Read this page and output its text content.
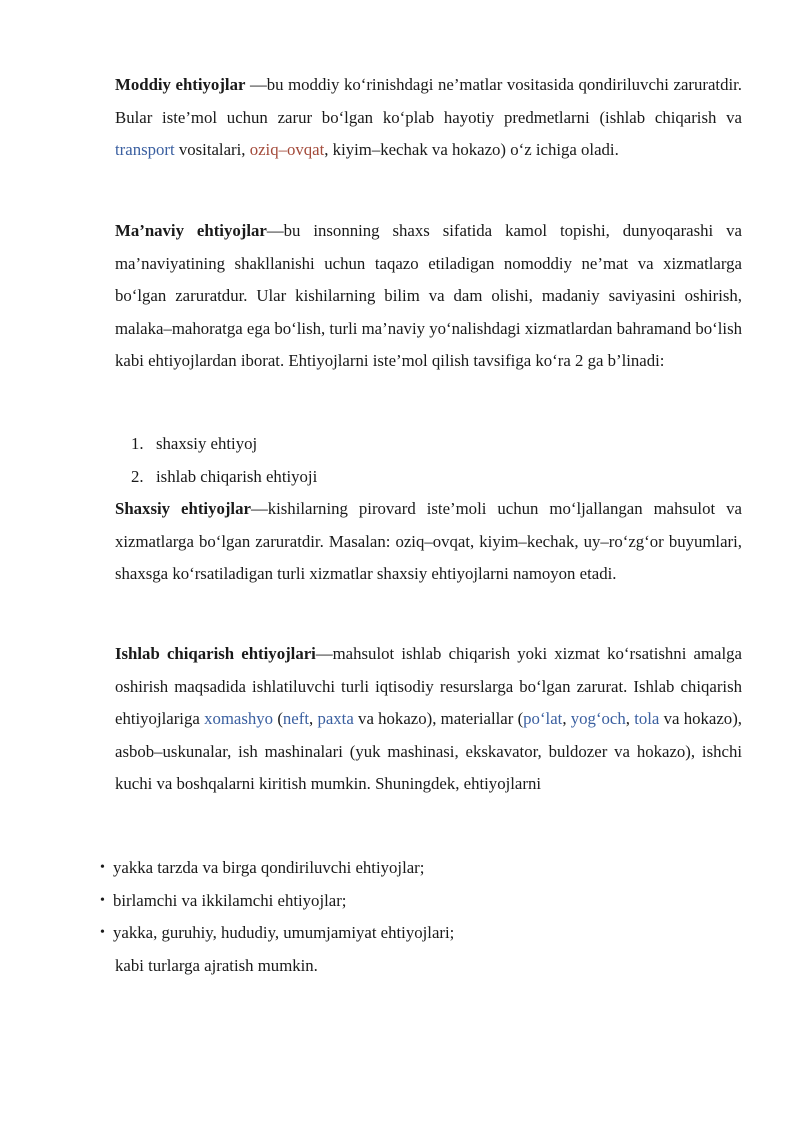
Moddiy ehtiyojlar —bu moddiy ko‘rinishdagi ne’matlar vositasida qondiriluvchi zaruratdir. Bular iste’mol uchun zarur bo‘lgan ko‘plab hayotiy predmetlarni (ishlab chiqarish va transport vositalari, oziq–ovqat, kiyim–kechak va hokazo) o‘z ichiga oladi.

Ma’naviy ehtiyojlar—bu insonning shaxs sifatida kamol topishi, dunyoqarashi va ma’naviyatining shakllanishi uchun taqazo etiladigan nomoddiy ne’mat va xizmatlarga bo‘lgan zaruratdur. Ular kishilarning bilim va dam olishi, madaniy saviyasini oshirish, malaka–mahoratga ega bo‘lish, turli ma’naviy yo‘nalishdagi xizmatlardan bahramand bo‘lish kabi ehtiyojlardan iborat. Ehtiyojlarni iste’mol qilish tavsifiga ko‘ra 2 ga b’linadi:

1. shaxsiy ehtiyoj
2. ishlab chiqarish ehtiyoji

Shaxsiy ehtiyojlar—kishilarning pirovard iste’moli uchun mo‘ljallangan mahsulot va xizmatlarga bo‘lgan zaruratdir. Masalan: oziq–ovqat, kiyim–kechak, uy–ro‘zg‘or buyumlari, shaxsga ko‘rsatiladigan turli xizmatlar shaxsiy ehtiyojlarni namoyon etadi.

Ishlab chiqarish ehtiyojlari—mahsulot ishlab chiqarish yoki xizmat ko‘rsatishni amalga oshirish maqsadida ishlatiluvchi turli iqtisodiy resurslarga bo‘lgan zarurat. Ishlab chiqarish ehtiyojlariga xomashyo (neft, paxta va hokazo), materiallar (po‘lat, yog‘och, tola va hokazo), asbob–uskunalar, ish mashinalari (yuk mashinasi, ekskavator, buldozer va hokazo), ishchi kuchi va boshqalarni kiritish mumkin. Shuningdek, ehtiyojlarni

• yakka tarzda va birga qondiriluvchi ehtiyojlar;
• birlamchi va ikkilamchi ehtiyojlar;
• yakka, guruhiy, hududiy, umumjamiyat ehtiyojlari;
kabi turlarga ajratish mumkin.
